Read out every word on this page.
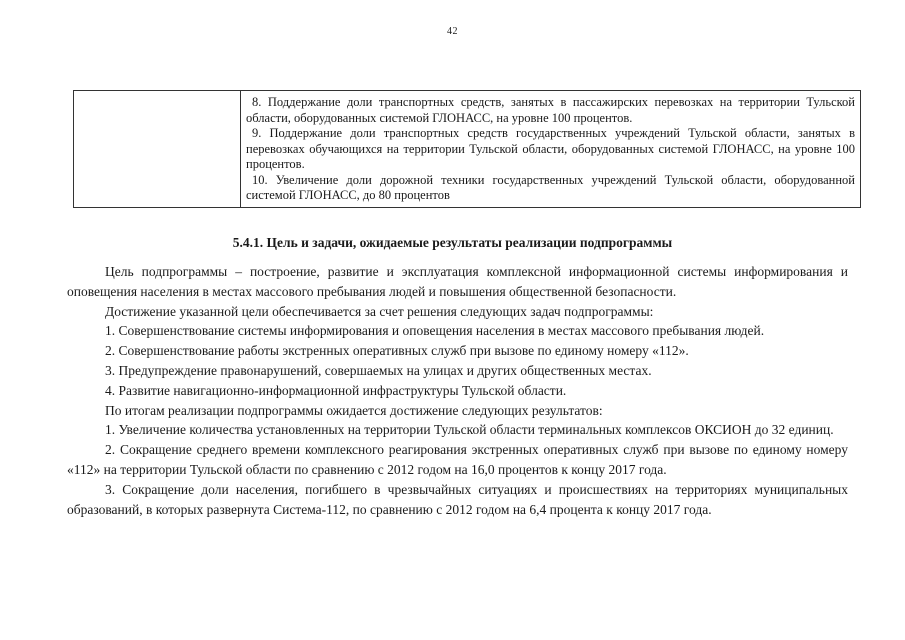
42

8. Поддержание доли транспортных средств, занятых в пассажирских перевозках на территории Тульской области, оборудованных системой ГЛОНАСС, на уровне 100 процентов.
9. Поддержание доли транспортных средств государственных учреждений Тульской области, занятых в перевозках обучающихся на территории Тульской области, оборудованных системой ГЛОНАСС, на уровне 100 процентов.
10. Увеличение доли дорожной техники государственных учреждений Тульской области, оборудованной системой ГЛОНАСС, до 80 процентов
5.4.1. Цель и задачи, ожидаемые результаты реализации подпрограммы

Цель подпрограммы – построение, развитие и эксплуатация комплексной информационной системы информирования и оповещения населения в местах массового пребывания людей и повышения общественной безопасности.

Достижение указанной цели обеспечивается за счет решения следующих задач подпрограммы:

1. Совершенствование системы информирования и оповещения населения в местах массового пребывания людей.

2. Совершенствование работы экстренных оперативных служб при вызове по единому номеру «112».

3. Предупреждение правонарушений, совершаемых на улицах и других общественных местах.

4. Развитие навигационно-информационной инфраструктуры Тульской области.

По итогам реализации подпрограммы ожидается достижение следующих результатов:

1. Увеличение количества установленных на территории Тульской области терминальных комплексов ОКСИОН до 32 единиц.

2. Сокращение среднего времени комплексного реагирования экстренных оперативных служб при вызове по единому номеру «112» на территории Тульской области по сравнению с 2012 годом на 16,0 процентов к концу 2017 года.

3. Сокращение доли населения, погибшего в чрезвычайных ситуациях и происшествиях на территориях муниципальных образований, в которых развернута Система-112, по сравнению с 2012 годом на 6,4 процента к концу 2017 года.
